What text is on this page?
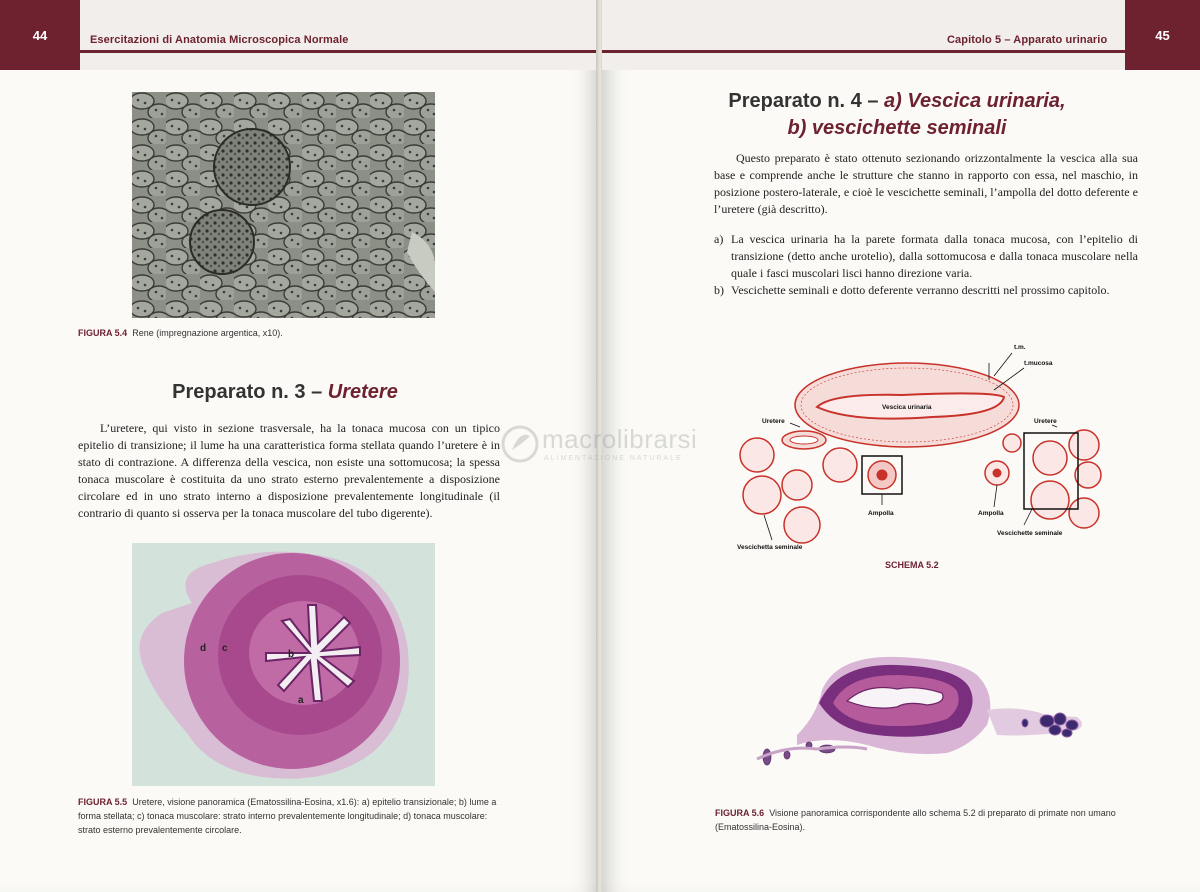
44	Esercitazioni di Anatomia Microscopica Normale
FIGURA 5.4 Rene (impregnazione argentica, x10).
Preparato n. 3 – Uretere

L’uretere, qui visto in sezione trasversale, ha la tonaca mucosa con un tipico epitelio di transizione; il lume ha una caratteristica forma stellata quando l’uretere è in stato di contrazione. A differenza della vescica, non esiste una sottomucosa; la spessa tonaca muscolare è costituita da uno strato esterno prevalentemente a disposizione circolare ed in uno strato interno a disposizione prevalentemente longitudinale (il contrario di quanto si osserva per la tonaca muscolare del tubo digerente).

d c
b
a
FIGURA 5.5 Uretere, visione panoramica (Ematossilina-Eosina, x1.6): a) epitelio transizionale; b) lume a forma stellata; c) tonaca muscolare: strato interno prevalentemente longitudinale; d) tonaca muscolare: strato esterno prevalentemente circolare.
45
Capitolo 5 – Apparato urinario
Preparato n. 4 – a) Vescica urinaria,
b) vescichette seminali

Questo preparato è stato ottenuto sezionando orizzontalmente la vescica alla sua base e comprende anche le strutture che stanno in rapporto con essa, nel maschio, in posizione postero-laterale, e cioè le vescichette seminali, l’ampolla del dotto deferente e l’uretere (già descritto).

a) La vescica urinaria ha la parete formata dalla tonaca mucosa, con l’epitelio di transizione (detto anche urotelio), dalla sottomucosa e dalla tonaca muscolare nella quale i fasci muscolari lisci hanno direzione varia.
b) Vescichette seminali e dotto deferente verranno descritti nel prossimo capitolo.
t.m.
t.mucosa
Vescica urinaria
Uretere	Uretere
Ampolla	Ampolla
Vescichetta seminale
Vescichette seminale
SCHEMA 5.2
FIGURA 5.6 Visione panoramica corrispondente allo schema 5.2 di preparato di primate non umano (Ematossilina-Eosina).
macrolibrarsi
ALIMENTAZIONE NATURALE
